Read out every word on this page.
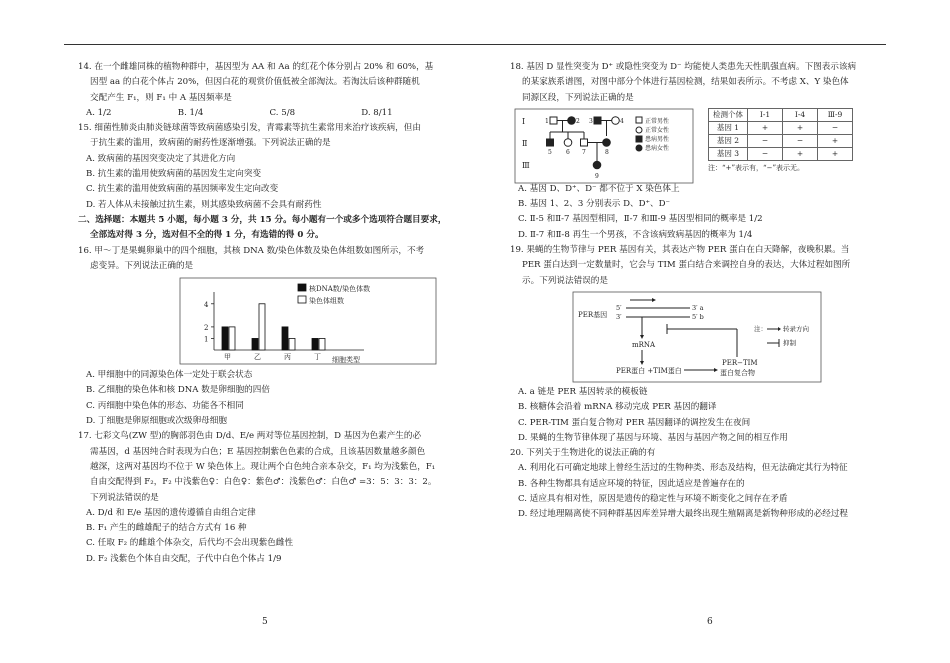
14. 在一个雌雄同株的植物种群中，基因型为 AA 和 Aa 的红花个体分别占 20% 和 60%，基
因型 aa 的白花个体占 20%，但因白花的观赏价值低被全部淘汰。若淘汰后该种群随机
交配产生 F₁，则 F₁ 中 A 基因频率是
A. 1/2	B. 1/4	C. 5/8	D. 8/11
15. 细菌性肺炎由肺炎链球菌等致病菌感染引发，青霉素等抗生素常用来治疗该疾病，但由
于抗生素的滥用，致病菌的耐药性逐渐增强。下列说法正确的是
A. 致病菌的基因突变决定了其进化方向
B. 抗生素的滥用使致病菌的基因发生定向突变
C. 抗生素的滥用使致病菌的基因频率发生定向改变
D. 若人体从未接触过抗生素，则其感染致病菌不会具有耐药性
二、选择题：本题共 5 小题，每小题 3 分，共 15 分。每小题有一个或多个选项符合题目要求，
全部选对得 3 分，选对但不全的得 1 分，有选错的得 0 分。
16. 甲～丁是果蝇卵巢中的四个细胞，其核 DNA 数/染色体数及染色体组数如图所示，不考
虑变异。下列说法正确的是
1
2
4
甲	乙	丙	丁 细胞类型
核DNA数/染色体数
染色体组数
A. 甲细胞中的同源染色体一定处于联会状态
B. 乙细胞的染色体和核 DNA 数是卵细胞的四倍
C. 丙细胞中染色体的形态、功能各不相同
D. 丁细胞是卵原细胞或次级卵母细胞
17. 七彩文鸟(ZW 型)的胸部羽色由 D/d、E/e 两对等位基因控制，D 基因为色素产生的必
需基因，d 基因纯合时表现为白色；E 基因控制紫色色素的合成，且该基因数量越多颜色
越深，这两对基因均不位于 W 染色体上。现让两个白色纯合亲本杂交，F₁ 均为浅紫色，F₁
自由交配得到 F₂，F₂ 中浅紫色♀：白色♀：紫色♂：浅紫色♂：白色♂ =3：5：3：3：2。
下列说法错误的是
A. D/d 和 E/e 基因的遗传遵循自由组合定律
B. F₁ 产生的雌雄配子的结合方式有 16 种
C. 任取 F₂ 的雌雄个体杂交，后代均不会出现紫色雌性
D. F₂ 浅紫色个体自由交配，子代中白色个体占 1/9
5
18. 基因 D 显性突变为 D⁺ 或隐性突变为 D⁻ 均能使人类患先天性肌强直病。下图表示该病
的某家族系谱图，对图中部分个体进行基因检测，结果如表所示。不考虑 X、Y 染色体
同源区段，下列说法正确的是
Ⅰ
Ⅱ
Ⅲ
1	2 3	4
5 6 7	8
9
正常男性
正常女性
患病男性
患病女性
检测个体	Ⅰ-1	Ⅰ-4	Ⅲ-9
基因 1	+	+	−
基因 2	−	−	+
基因 3	−	+	+
注：“+”表示有，“−”表示无。
A. 基因 D、D⁺、D⁻ 都不位于 X 染色体上
B. 基因 1、2、3 分别表示 D、D⁺、D⁻
C. Ⅱ-5 和Ⅱ-7 基因型相同，Ⅱ-7 和Ⅲ-9 基因型相同的概率是 1/2
D. Ⅱ-7 和Ⅱ-8 再生一个男孩，不含该病致病基因的概率为 1/4
19. 果蝇的生物节律与 PER 基因有关，其表达产物 PER 蛋白在白天降解，夜晚积累。当
PER 蛋白达到一定数量时，它会与 TIM 蛋白结合来调控自身的表达，大体过程如图所
示。下列说法错误的是
PER基因
5′	3′ a
3′	5′ b
mRNA
PER蛋白 +TIM蛋白
PER−TIM
蛋白复合物
注： 转录方向
抑制
A. a 链是 PER 基因转录的模板链
B. 核糖体会沿着 mRNA 移动完成 PER 基因的翻译
C. PER-TIM 蛋白复合物对 PER 基因翻译的调控发生在夜间
D. 果蝇的生物节律体现了基因与环境、基因与基因产物之间的相互作用
20. 下列关于生物进化的说法正确的有
A. 利用化石可确定地球上曾经生活过的生物种类、形态及结构，但无法确定其行为特征
B. 各种生物都具有适应环境的特征，因此适应是普遍存在的
C. 适应具有相对性，原因是遗传的稳定性与环境不断变化之间存在矛盾
D. 经过地理隔离使不同种群基因库差异增大最终出现生殖隔离是新物种形成的必经过程
6
